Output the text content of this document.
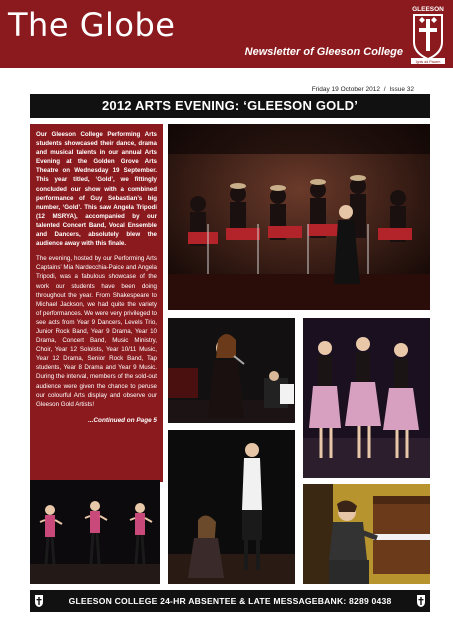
The Globe
Newsletter of Gleeson College
GLEESON
Ignis ad Pacem
Friday 19 October 2012 / Issue 32
2012 ARTS EVENING: ‘GLEESON GOLD’

Our Gleeson College Performing Arts students showcased their dance, drama and musical talents in our annual Arts Evening at the Golden Grove Arts Theatre on Wednesday 19 September. This year titled, ‘Gold’, we fittingly concluded our show with a combined performance of Guy Sebastian’s big number, ‘Gold’. This saw Angela Tripodi (12 MSRYA), accompanied by our talented Concert Band, Vocal Ensemble and Dancers, absolutely blew the audience away with this finale.

The evening, hosted by our Performing Arts Captains’ Mia Nardecchia-Paice and Angela Tripodi, was a fabulous showcase of the work our students have been doing throughout the year. From Shakespeare to Michael Jackson, we had quite the variety of performances. We were very privileged to see acts from Year 9 Dancers, Levels Trio, Junior Rock Band, Year 9 Drama, Year 10 Drama, Concert Band, Music Ministry, Choir, Year 12 Soloists, Year 10/11 Music, Year 12 Drama, Senior Rock Band, Tap students, Year 8 Drama and Year 9 Music. During the interval, members of the sold-out audience were given the chance to peruse our colourful Arts display and observe our Gleeson Gold Artists!

...Continued on Page 5

GLEESON COLLEGE 24-HR ABSENTEE & LATE MESSAGEBANK: 8289 0438
